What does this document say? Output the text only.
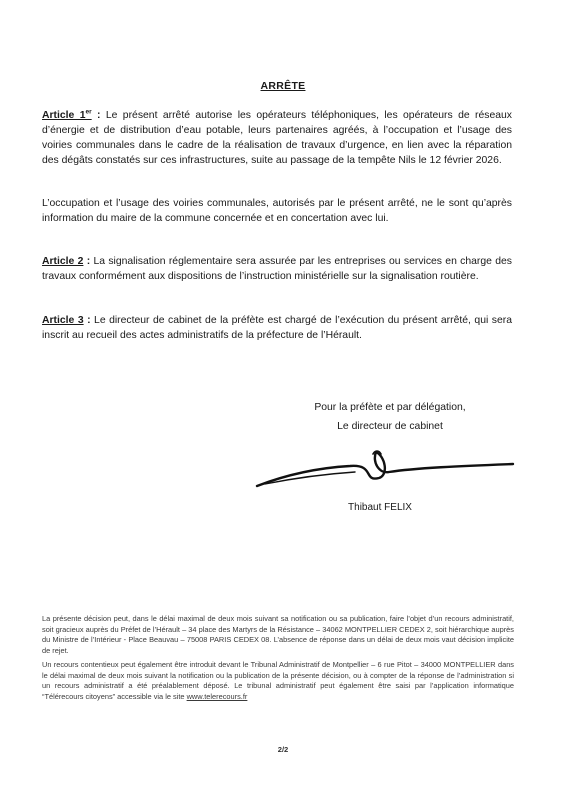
ARRÊTE
Article 1er : Le présent arrêté autorise les opérateurs téléphoniques, les opérateurs de réseaux d’énergie et de distribution d’eau potable, leurs partenaires agréés, à l’occupation et l’usage des voiries communales dans le cadre de la réalisation de travaux d’urgence, en lien avec la réparation des dégâts constatés sur ces infrastructures, suite au passage de la tempête Nils le 12 février 2026.
L’occupation et l’usage des voiries communales, autorisés par le présent arrêté, ne le sont qu’après information du maire de la commune concernée et en concertation avec lui.
Article 2 : La signalisation réglementaire sera assurée par les entreprises ou services en charge des travaux conformément aux dispositions de l’instruction ministérielle sur la signalisation routière.
Article 3 : Le directeur de cabinet de la préfète est chargé de l’exécution du présent arrêté, qui sera inscrit au recueil des actes administratifs de la préfecture de l’Hérault.
Pour la préfète et par délégation,
Le directeur de cabinet
Thibaut FELIX
La présente décision peut, dans le délai maximal de deux mois suivant sa notification ou sa publication, faire l’objet d’un recours administratif, soit gracieux auprès du Préfet de l’Hérault – 34 place des Martyrs de la Résistance – 34062 MONTPELLIER CEDEX 2, soit hiérarchique auprès du Ministre de l’Intérieur - Place Beauvau – 75008 PARIS CEDEX 08. L’absence de réponse dans un délai de deux mois vaut décision implicite de rejet.
Un recours contentieux peut également être introduit devant le Tribunal Administratif de Montpellier – 6 rue Pitot – 34000 MONTPELLIER dans le délai maximal de deux mois suivant la notification ou la publication de la présente décision, ou à compter de la réponse de l’administration si un recours administratif a été préalablement déposé. Le tribunal administratif peut également être saisi par l’application informatique “Télérecours citoyens” accessible via le site www.telerecours.fr
2/2
